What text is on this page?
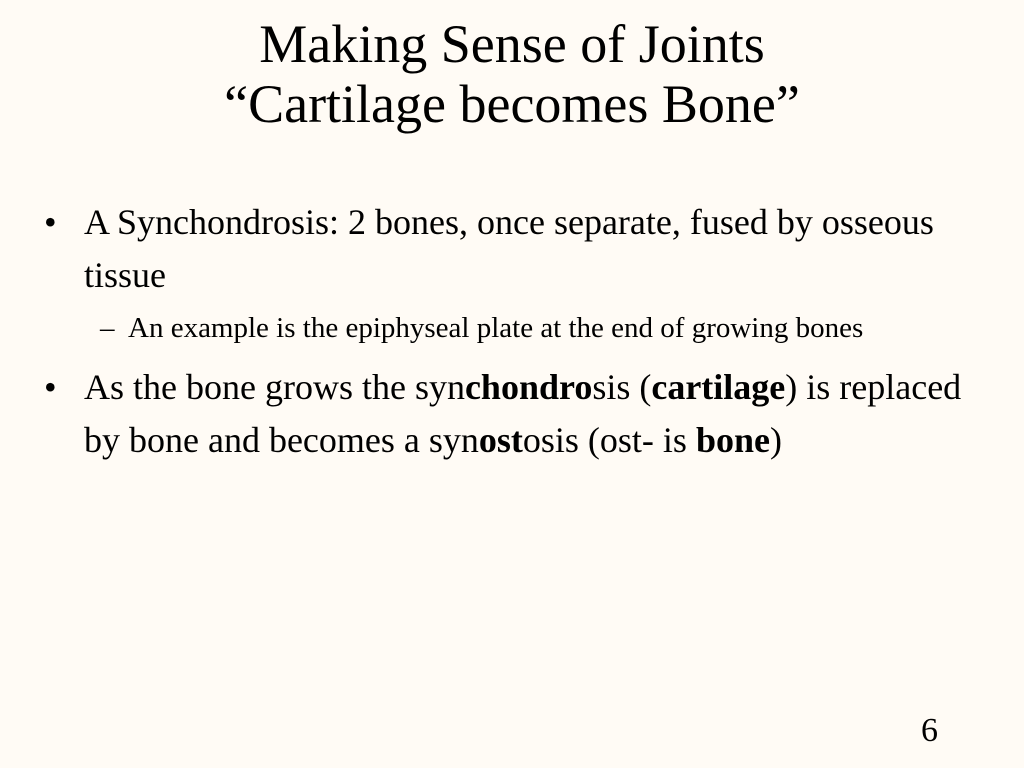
Making Sense of Joints
“Cartilage becomes Bone”
• A Synchondrosis: 2 bones, once separate, fused by osseous tissue
– An example is the epiphyseal plate at the end of growing bones
• As the bone grows the synchondrosis (cartilage) is replaced by bone and becomes a synostosis (ost- is bone)
6
